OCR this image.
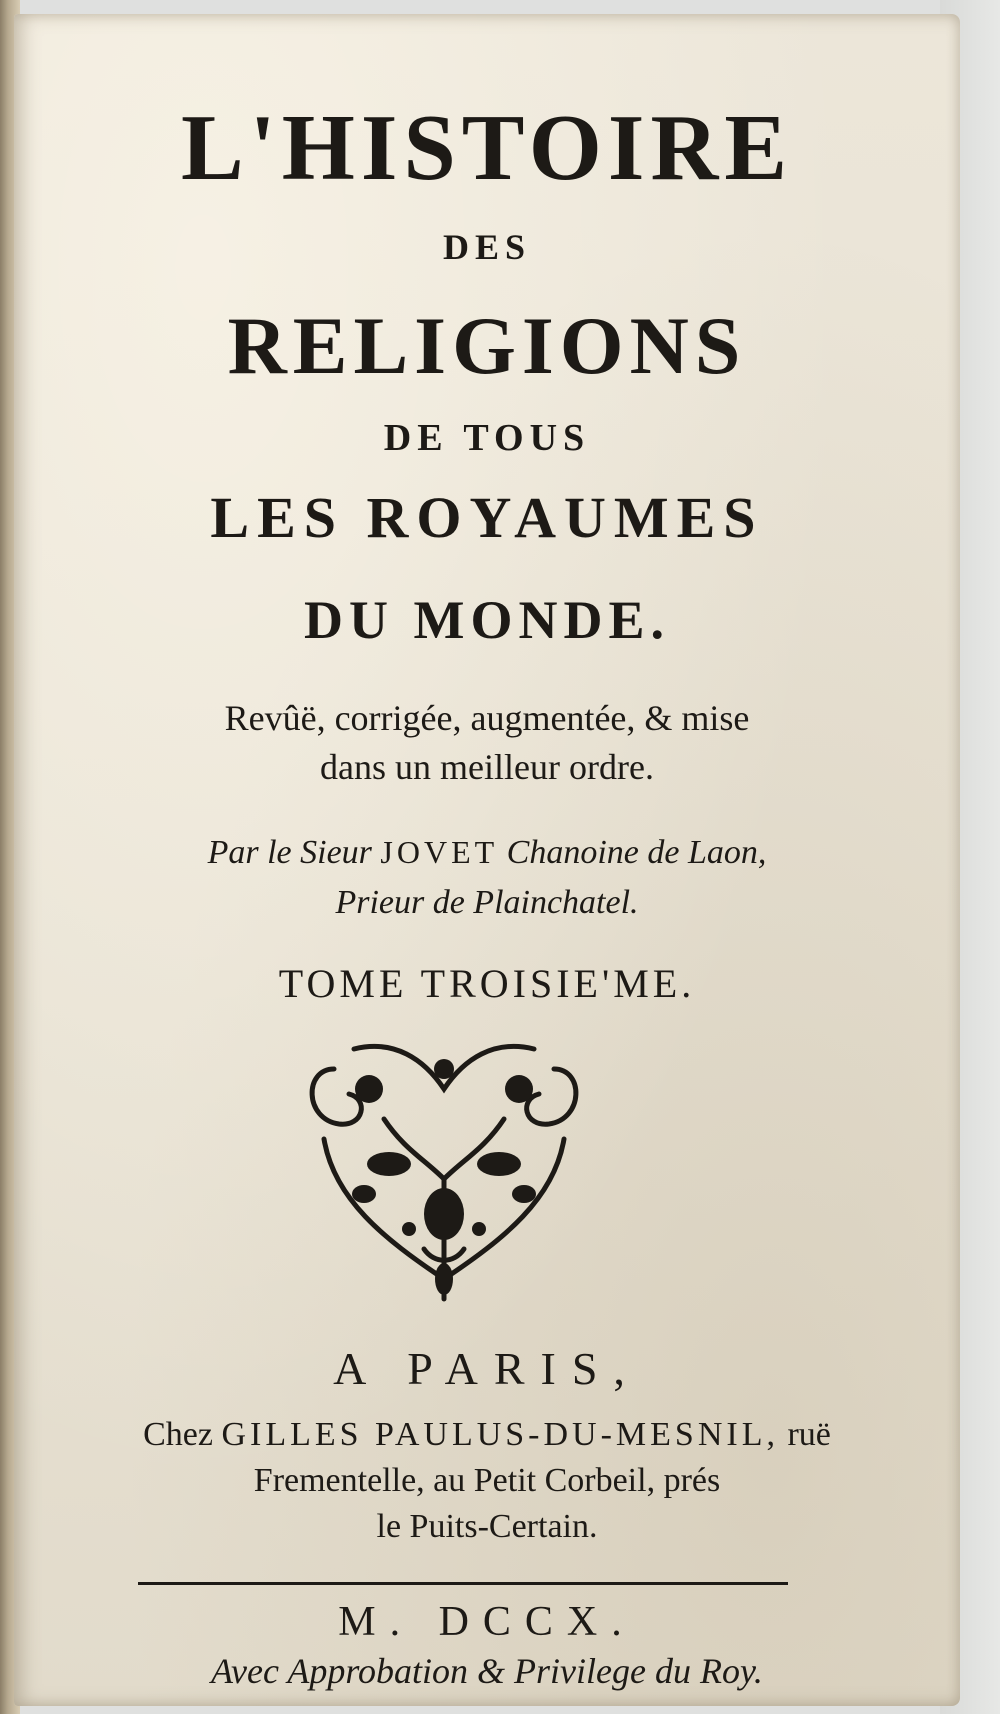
L'HISTOIRE
DES
RELIGIONS
DE TOUS
LES ROYAUMES
DU MONDE.
Revûë, corrigée, augmentée, & mise
dans un meilleur ordre.
Par le Sieur JOVET Chanoine de Laon,
Prieur de Plainchatel.
TOME TROISIE'ME.
A PARIS,
Chez GILLES PAULUS-DU-MESNIL, ruë
Frementelle, au Petit Corbeil, prés
le Puits-Certain.
M. DCCX.
Avec Approbation & Privilege du Roy.
